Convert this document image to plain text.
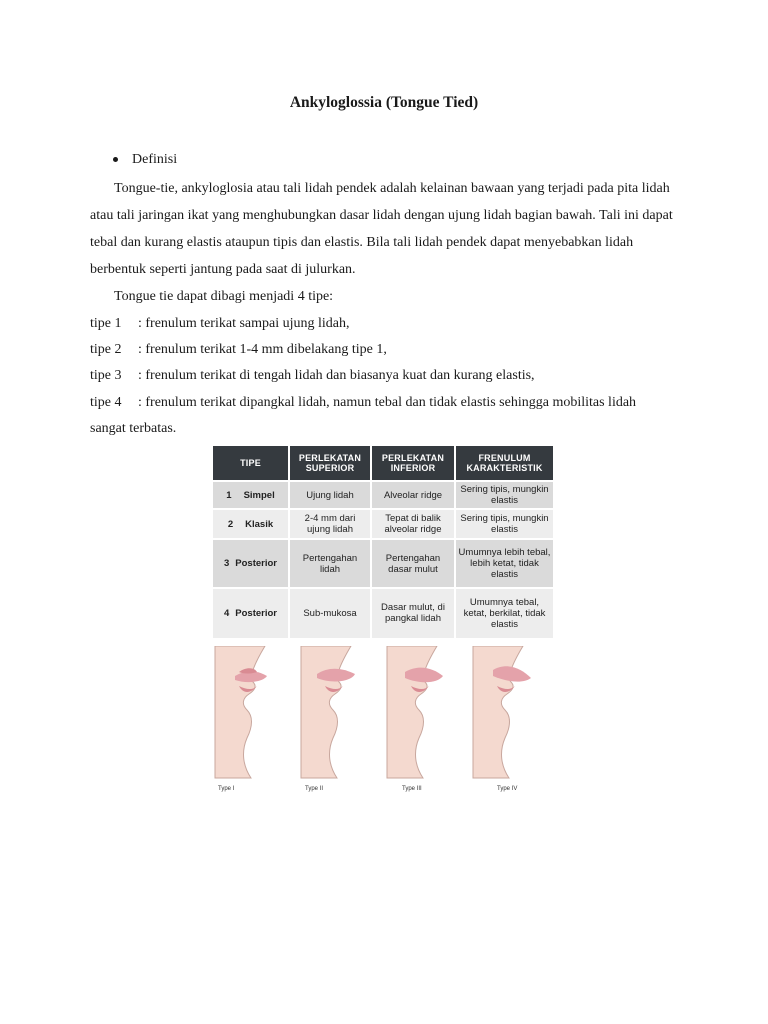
Ankyloglossia (Tongue Tied)
Definisi
Tongue-tie, ankyloglosia atau tali lidah pendek adalah kelainan bawaan yang terjadi pada pita lidah atau tali jaringan ikat yang menghubungkan dasar lidah dengan ujung lidah bagian bawah. Tali ini dapat tebal dan kurang elastis ataupun tipis dan elastis. Bila tali lidah pendek dapat menyebabkan lidah berbentuk seperti jantung pada saat di julurkan.
Tongue tie dapat dibagi menjadi 4 tipe:
tipe 1 : frenulum terikat sampai ujung lidah,
tipe 2 : frenulum terikat 1-4 mm dibelakang tipe 1,
tipe 3 : frenulum terikat di tengah lidah dan biasanya kuat dan kurang elastis,
tipe 4 : frenulum terikat dipangkal lidah, namun tebal dan tidak elastis sehingga mobilitas lidah
sangat terbatas.
TIPE	PERLEKATAN SUPERIOR	PERLEKATAN INFERIOR	FRENULUM KARAKTERISTIK
1 Simpel	Ujung lidah	Alveolar ridge	Sering tipis, mungkin elastis
2 Klasik	2-4 mm dari ujung lidah	Tepat di balik alveolar ridge	Sering tipis, mungkin elastis
3 Posterior	Pertengahan lidah	Pertengahan dasar mulut	Umumnya lebih tebal, lebih ketat, tidak elastis
4 Posterior	Sub-mukosa	Dasar mulut, di pangkal lidah	Umumnya tebal, ketat, berkilat, tidak elastis
Type I	Type II	Type III	Type IV
